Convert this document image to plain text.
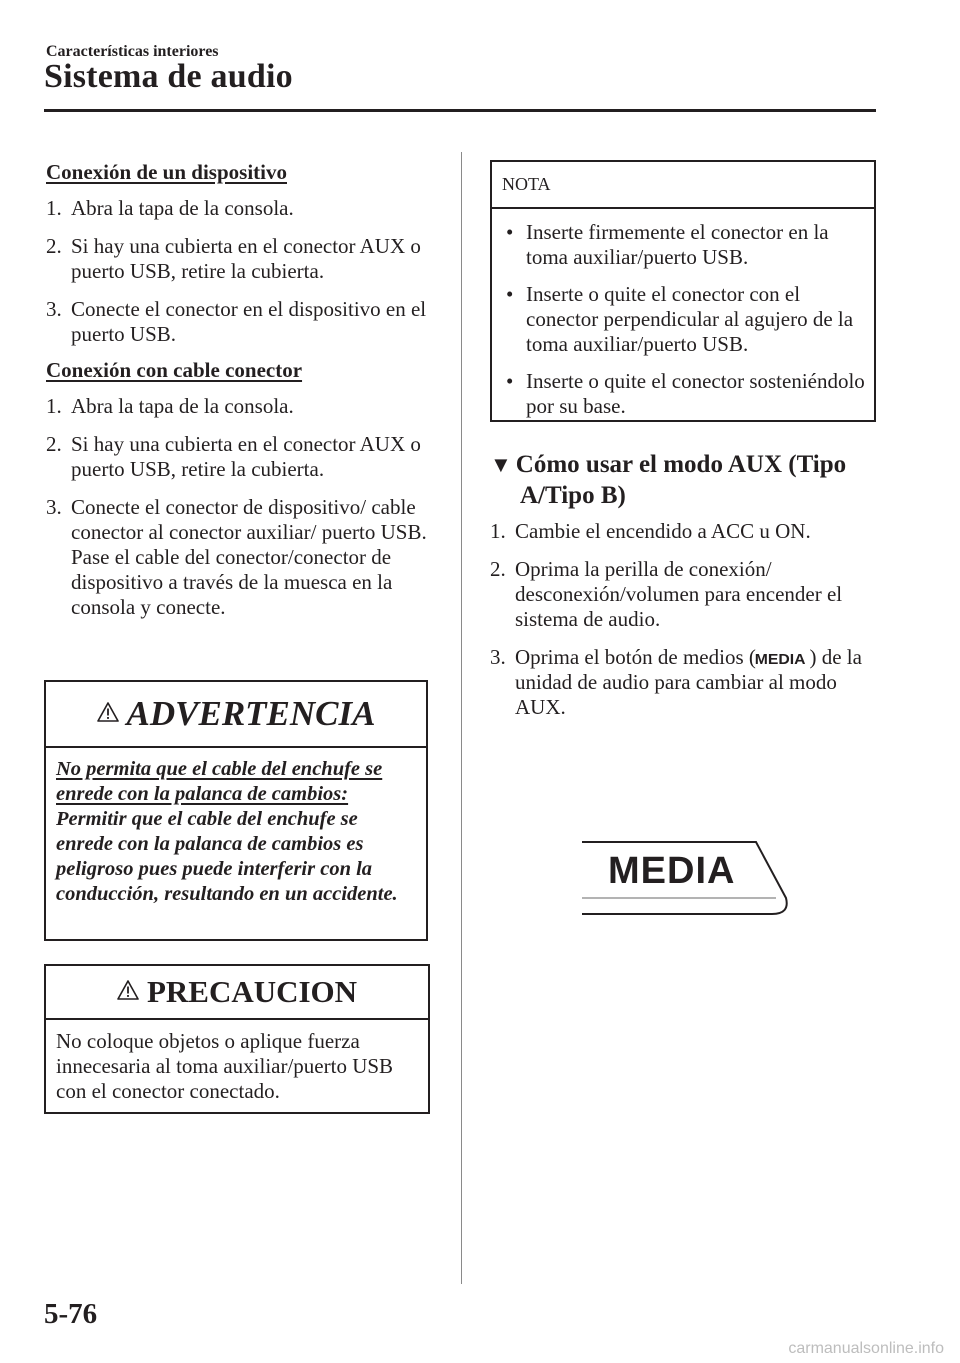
Características interiores
Sistema de audio
Conexión de un dispositivo

1. Abra la tapa de la consola.

2. Si hay una cubierta en el conector AUX o puerto USB, retire la cubierta.

3. Conecte el conector en el dispositivo en el puerto USB.

Conexión con cable conector

1. Abra la tapa de la consola.

2. Si hay una cubierta en el conector AUX o puerto USB, retire la cubierta.

3. Conecte el conector de dispositivo/ cable conector al conector auxiliar/ puerto USB.
Pase el cable del conector/conector de dispositivo a través de la muesca en la consola y conecte.

ADVERTENCIA
No permita que el cable del enchufe se enrede con la palanca de cambios:
Permitir que el cable del enchufe se enrede con la palanca de cambios es peligroso pues puede interferir con la conducción, resultando en un accidente.
PRECAUCION
No coloque objetos o aplique fuerza innecesaria al toma auxiliar/puerto USB con el conector conectado.
NOTA
• Inserte firmemente el conector en la toma auxiliar/puerto USB.
• Inserte o quite el conector con el conector perpendicular al agujero de la toma auxiliar/puerto USB.
• Inserte o quite el conector sosteniéndolo por su base.
▼ Cómo usar el modo AUX (Tipo
A/Tipo B)

1. Cambie el encendido a ACC u ON.

2. Oprima la perilla de conexión/ desconexión/volumen para encender el sistema de audio.

3. Oprima el botón de medios (MEDIA ) de la unidad de audio para cambiar al modo AUX.

MEDIA
5-76
carmanualsonline.info
